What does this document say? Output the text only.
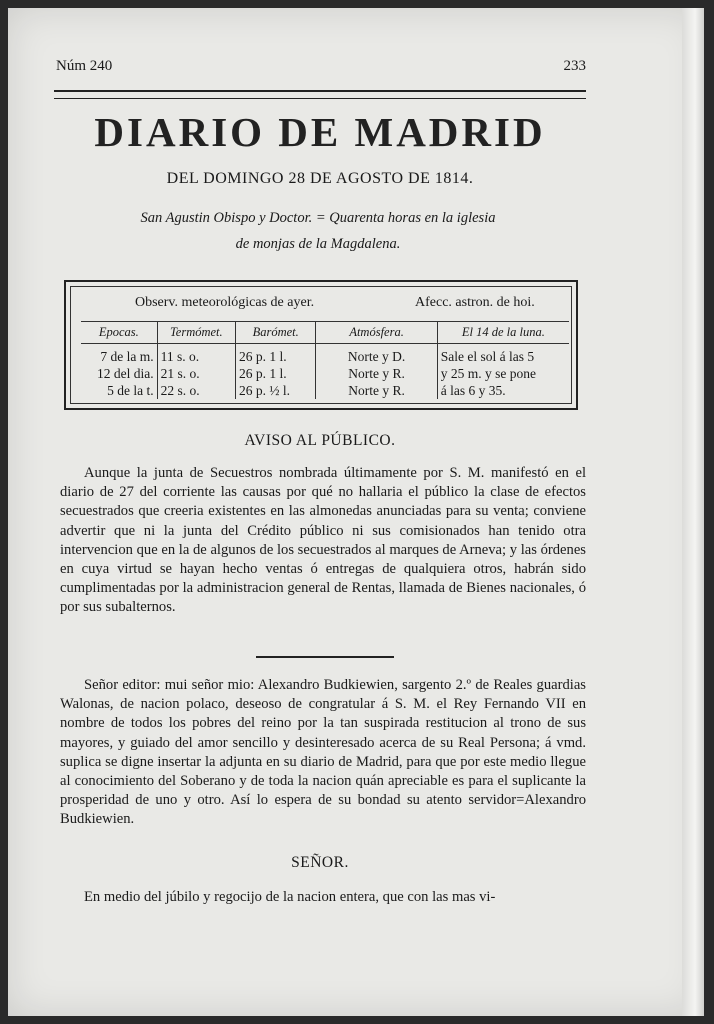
Núm 240	233
DIARIO DE MADRID
DEL DOMINGO 28 DE AGOSTO DE 1814.
San Agustin Obispo y Doctor. = Quarenta horas en la iglesia
de monjas de la Magdalena.
Observ. meteorológicas de ayer.	Afecc. astron. de hoi.
Epocas.	Termómet.	Barómet.	Atmósfera.	El 14 de la luna.
7 de la m.	11 s. o.	26 p. 1 l.	Norte y D.	Sale el sol á las 5
12 del dia.	21 s. o.	26 p. 1 l.	Norte y R.	y 25 m. y se pone
5 de la t.	22 s. o.	26 p. ½ l.	Norte y R.	á las 6 y 35.
AVISO AL PÚBLICO.

Aunque la junta de Secuestros nombrada últimamente por S. M. manifestó en el diario de 27 del corriente las causas por qué no hallaria el público la clase de efectos secuestrados que creeria existentes en las almonedas anunciadas para su venta; conviene advertir que ni la junta del Crédito público ni sus comisionados han tenido otra intervencion que en la de algunos de los secuestrados al marques de Arneva; y las órdenes en cuya virtud se hayan hecho ventas ó entregas de qualquiera otros, habrán sido cumplimentadas por la administracion general de Rentas, llamada de Bienes nacionales, ó por sus subalternos.

Señor editor: mui señor mio: Alexandro Budkiewien, sargento 2.º de Reales guardias Walonas, de nacion polaco, deseoso de congratular á S. M. el Rey Fernando VII en nombre de todos los pobres del reino por la tan suspirada restitucion al trono de sus mayores, y guiado del amor sencillo y desinteresado acerca de su Real Persona; á vmd. suplica se digne insertar la adjunta en su diario de Madrid, para que por este medio llegue al conocimiento del Soberano y de toda la nacion quán apreciable es para el suplicante la prosperidad de uno y otro. Así lo espera de su bondad su atento servidor=Alexandro Budkiewien.

SEÑOR.

En medio del júbilo y regocijo de la nacion entera, que con las mas vi-
